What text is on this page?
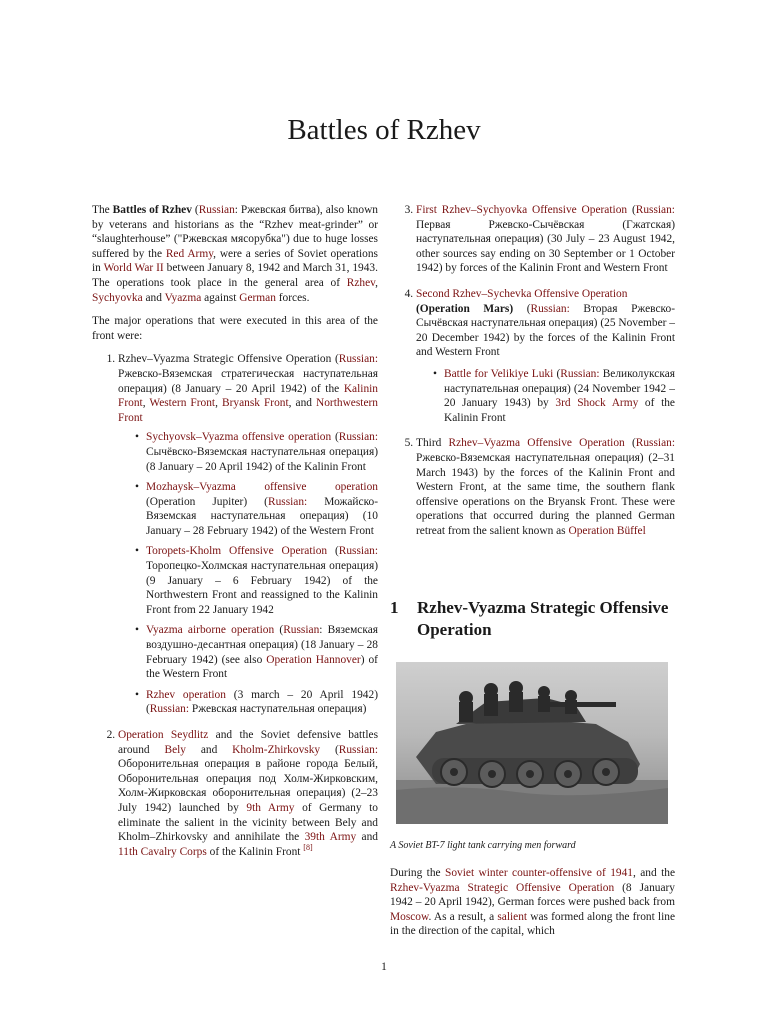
Battles of Rzhev

The Battles of Rzhev (Russian: Ржевская битва), also known by veterans and historians as the “Rzhev meat-grinder” or “slaughterhouse” ("Ржевская мясорубка") due to huge losses suffered by the Red Army, were a series of Soviet operations in World War II between January 8, 1942 and March 31, 1943. The operations took place in the general area of Rzhev, Sychyovka and Vyazma against German forces.

The major operations that were executed in this area of the front were:

1. Rzhev–Vyazma Strategic Offensive Operation (Russian: Ржевско-Вяземская стратегическая наступательная операция) (8 January – 20 April 1942) of the Kalinin Front, Western Front, Bryansk Front, and Northwestern Front
• Sychyovsk–Vyazma offensive operation (Russian: Сычёвско-Вяземская наступательная операция) (8 January – 20 April 1942) of the Kalinin Front
• Mozhaysk–Vyazma offensive operation (Operation Jupiter) (Russian: Можайско-Вяземская наступательная операция) (10 January – 28 February 1942) of the Western Front
• Toropets-Kholm Offensive Operation (Russian: Торопецко-Холмская наступательная операция) (9 January – 6 February 1942) of the Northwestern Front and reassigned to the Kalinin Front from 22 January 1942
• Vyazma airborne operation (Russian: Вяземская воздушно-десантная операция) (18 January – 28 February 1942) (see also Operation Hannover) of the Western Front
• Rzhev operation (3 march – 20 April 1942) (Russian: Ржевская наступательная операция)
2. Operation Seydlitz and the Soviet defensive battles around Bely and Kholm-Zhirkovsky (Russian: Оборонительная операция в районе города Белый, Оборонительная операция под Холм-Жирковским, Холм-Жирковская оборонительная операция) (2–23 July 1942) launched by 9th Army of Germany to eliminate the salient in the vicinity between Bely and Kholm–Zhirkovsky and annihilate the 39th Army and 11th Cavalry Corps of the Kalinin Front [8]
3. First Rzhev–Sychyovka Offensive Operation (Russian: Первая Ржевско-Сычёвская (Гжатская) наступательная операция) (30 July – 23 August 1942, other sources say ending on 30 September or 1 October 1942) by forces of the Kalinin Front and Western Front
4. Second Rzhev–Sychevka Offensive Operation
(Operation Mars) (Russian: Вторая Ржевско-Сычёвская наступательная операция) (25 November – 20 December 1942) by the forces of the Kalinin Front and Western Front
• Battle for Velikiye Luki (Russian: Великолукская наступательная операция) (24 November 1942 – 20 January 1943) by 3rd Shock Army of the Kalinin Front
5. Third Rzhev–Vyazma Offensive Operation (Russian: Ржевско-Вяземская наступательная операция) (2–31 March 1943) by the forces of the Kalinin Front and Western Front, at the same time, the southern flank offensive operations on the Bryansk Front. These were operations that occurred during the planned German retreat from the salient known as Operation Büffel
1 Rzhev-Vyazma Strategic Offensive Operation
A Soviet BT-7 light tank carrying men forward

During the Soviet winter counter-offensive of 1941, and the Rzhev-Vyazma Strategic Offensive Operation (8 January 1942 – 20 April 1942), German forces were pushed back from Moscow. As a result, a salient was formed along the front line in the direction of the capital, which

1
